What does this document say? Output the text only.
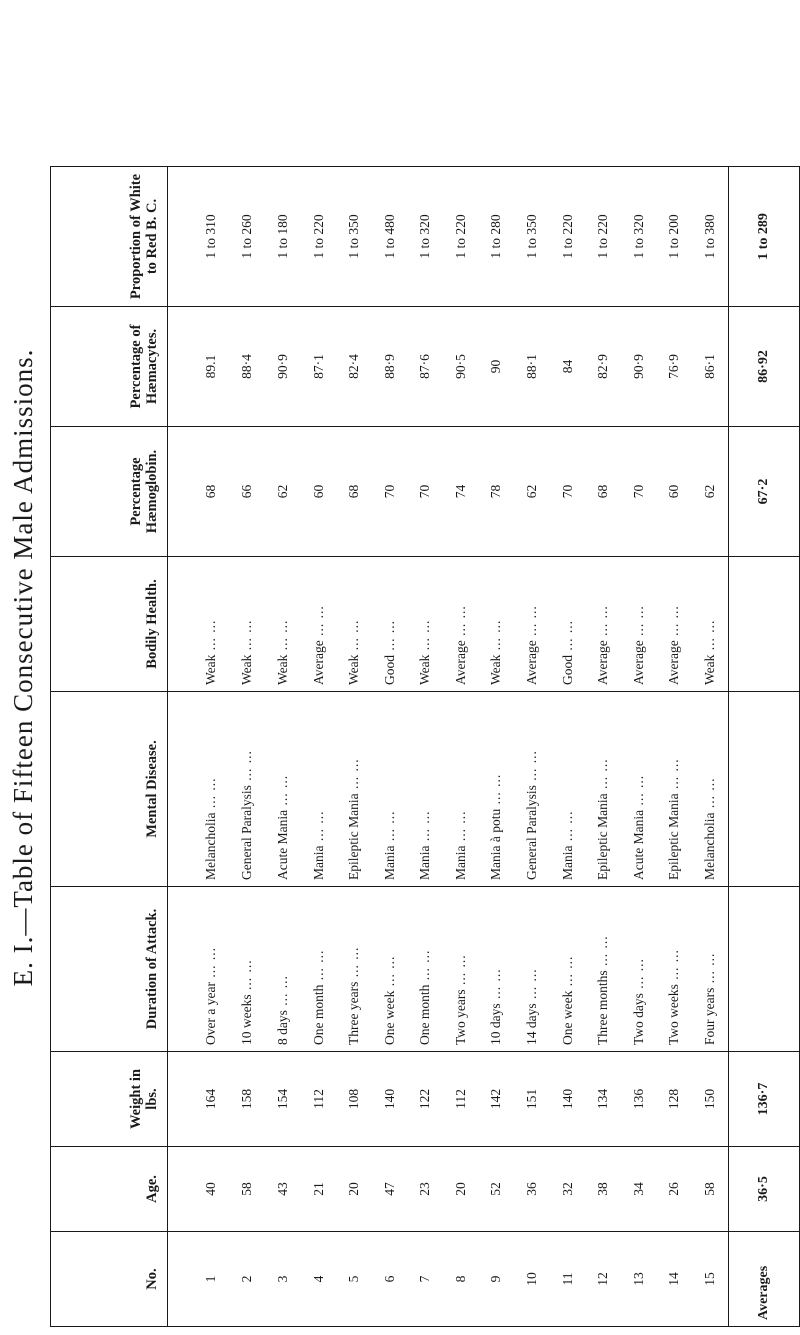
E. I.—Table of Fifteen Consecutive Male Admissions.
No.	Age.	Weight in lbs.	Duration of Attack.	Mental Disease.	Bodily Health.	Percentage Hæmoglobin.	Percentage of Hæmacytes.	Proportion of White to Red B. C.
1	40	164	Over a year ... ...	Melancholia ... ...	Weak ... ...	68	89.1	1 to 310
2	58	158	10 weeks ... ...	General Paralysis ... ...	Weak ... ...	66	88·4	1 to 260
3	43	154	8 days ... ...	Acute Mania ... ...	Weak ... ...	62	90·9	1 to 180
4	21	112	One month ... ...	Mania ... ...	Average ... ...	60	87·1	1 to 220
5	20	108	Three years ... ...	Epileptic Mania ... ...	Weak ... ...	68	82·4	1 to 350
6	47	140	One week ... ...	Mania ... ...	Good ... ...	70	88·9	1 to 480
7	23	122	One month ... ...	Mania ... ...	Weak ... ...	70	87·6	1 to 320
8	20	112	Two years ... ...	Mania ... ...	Average ... ...	74	90·5	1 to 220
9	52	142	10 days ... ...	Mania à potu ... ...	Weak ... ...	78	90	1 to 280
10	36	151	14 days ... ...	General Paralysis ... ...	Average ... ...	62	88·1	1 to 350
11	32	140	One week ... ...	Mania ... ...	Good ... ...	70	84	1 to 220
12	38	134	Three months ... ...	Epileptic Mania ... ...	Average ... ...	68	82·9	1 to 220
13	34	136	Two days ... ...	Acute Mania ... ...	Average ... ...	70	90·9	1 to 320
14	26	128	Two weeks ... ...	Epileptic Mania ... ...	Average ... ...	60	76·9	1 to 200
15	58	150	Four years ... ...	Melancholia ... ...	Weak ... ...	62	86·1	1 to 380
Averages	36·5	136·7				67·2	86·92	1 to 289
